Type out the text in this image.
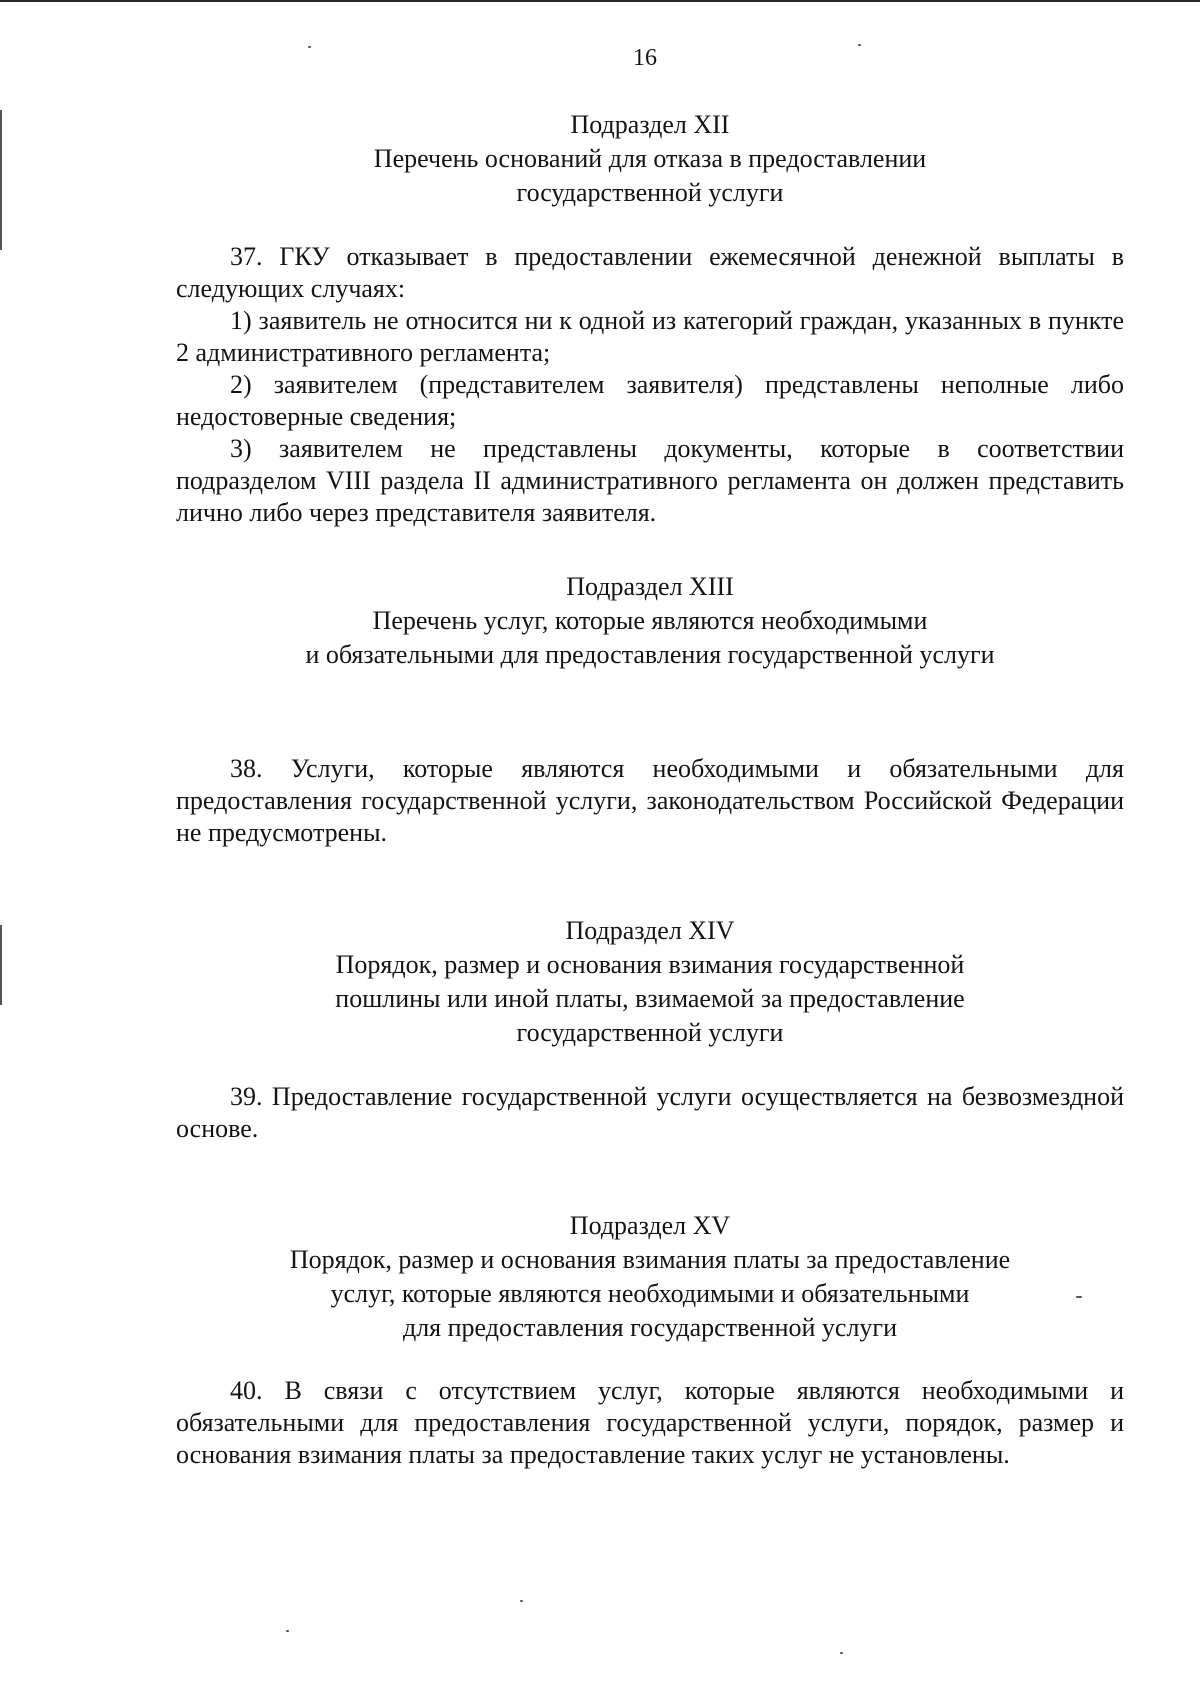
16
Подраздел XII
Перечень оснований для отказа в предоставлении
государственной услуги

37. ГКУ отказывает в предоставлении ежемесячной денежной выплаты в следующих случаях:

1) заявитель не относится ни к одной из категорий граждан, указанных в пункте 2 административного регламента;

2) заявителем (представителем заявителя) представлены неполные либо недостоверные сведения;

3) заявителем не представлены документы, которые в соответствии подразделом VIII раздела II административного регламента он должен представить лично либо через представителя заявителя.

Подраздел XIII
Перечень услуг, которые являются необходимыми
и обязательными для предоставления государственной услуги

38. Услуги, которые являются необходимыми и обязательными для предоставления государственной услуги, законодательством Российской Федерации не предусмотрены.

Подраздел XIV
Порядок, размер и основания взимания государственной
пошлины или иной платы, взимаемой за предоставление
государственной услуги

39. Предоставление государственной услуги осуществляется на безвозмездной основе.

Подраздел XV
Порядок, размер и основания взимания платы за предоставление
услуг, которые являются необходимыми и обязательными
для предоставления государственной услуги

40. В связи с отсутствием услуг, которые являются необходимыми и обязательными для предоставления государственной услуги, порядок, размер и основания взимания платы за предоставление таких услуг не установлены.
